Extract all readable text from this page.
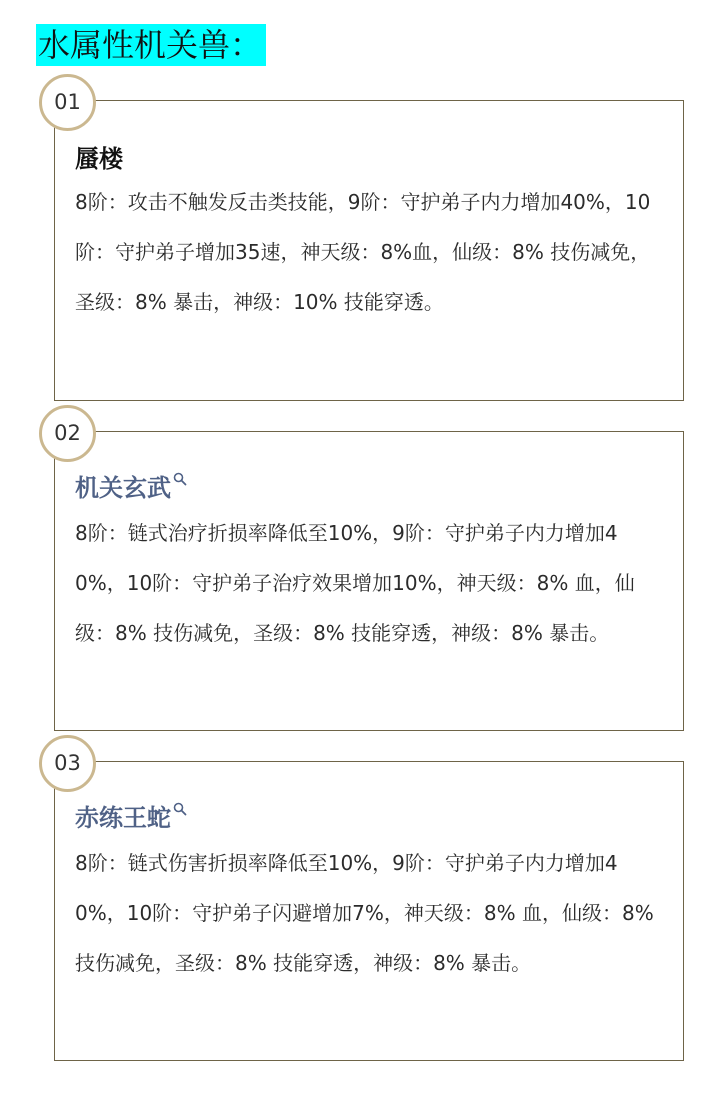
水属性机关兽：
01
蜃楼
8阶：攻击不触发反击类技能，9阶：守护弟子内力增加40%，10阶：守护弟子增加35速，神天级：8%血，仙级：8% 技伤减免，圣级：8% 暴击，神级：10% 技能穿透。
02
机关玄武
8阶：链式治疗折损率降低至10%，9阶：守护弟子内力增加40%，10阶：守护弟子治疗效果增加10%，神天级：8% 血，仙级：8% 技伤减免，圣级：8% 技能穿透，神级：8% 暴击。
03
赤练王蛇
8阶：链式伤害折损率降低至10%，9阶：守护弟子内力增加40%，10阶：守护弟子闪避增加7%，神天级：8% 血，仙级：8% 技伤减免，圣级：8% 技能穿透，神级：8% 暴击。
